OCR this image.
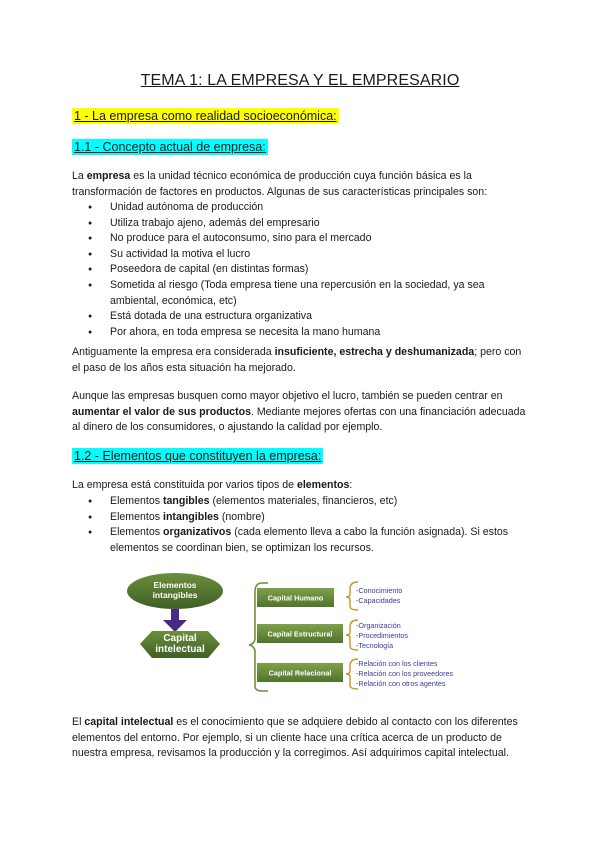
TEMA 1: LA EMPRESA Y EL EMPRESARIO
1 - La empresa como realidad socioeconómica:
1.1 - Concepto actual de empresa:
La empresa es la unidad técnico económica de producción cuya función básica es la transformación de factores en productos. Algunas de sus características principales son:
● Unidad autónoma de producción
● Utiliza trabajo ajeno, además del empresario
● No produce para el autoconsumo, sino para el mercado
● Su actividad la motiva el lucro
● Poseedora de capital (en distintas formas)
● Sometida al riesgo (Toda empresa tiene una repercusión en la sociedad, ya sea ambiental, económica, etc)
● Está dotada de una estructura organizativa
● Por ahora, en toda empresa se necesita la mano humana
Antiguamente la empresa era considerada insuficiente, estrecha y deshumanizada; pero con el paso de los años esta situación ha mejorado.
Aunque las empresas busquen como mayor objetivo el lucro, también se pueden centrar en aumentar el valor de sus productos. Mediante mejores ofertas con una financiación adecuada al dinero de los consumidores, o ajustando la calidad por ejemplo.
1.2 - Elementos que constituyen la empresa:
La empresa está constituida por varios tipos de elementos:
● Elementos tangibles (elementos materiales, financieros, etc)
● Elementos intangibles (nombre)
● Elementos organizativos (cada elemento lleva a cabo la función asignada). Si estos elementos se coordinan bien, se optimizan los recursos.
Elementos
intangibles
Capital
intelectual
Capital Humano
Capital Estructural
Capital Relacional
-Conocimiento
-Capacidades
-Organización
-Procedimientos
-Tecnología
-Relación con los clientes
-Relación con los proveedores
-Relación con otros agentes
El capital intelectual es el conocimiento que se adquiere debido al contacto con los diferentes elementos del entorno. Por ejemplo, si un cliente hace una crítica acerca de un producto de nuestra empresa, revisamos la producción y la corregimos. Así adquirimos capital intelectual.
